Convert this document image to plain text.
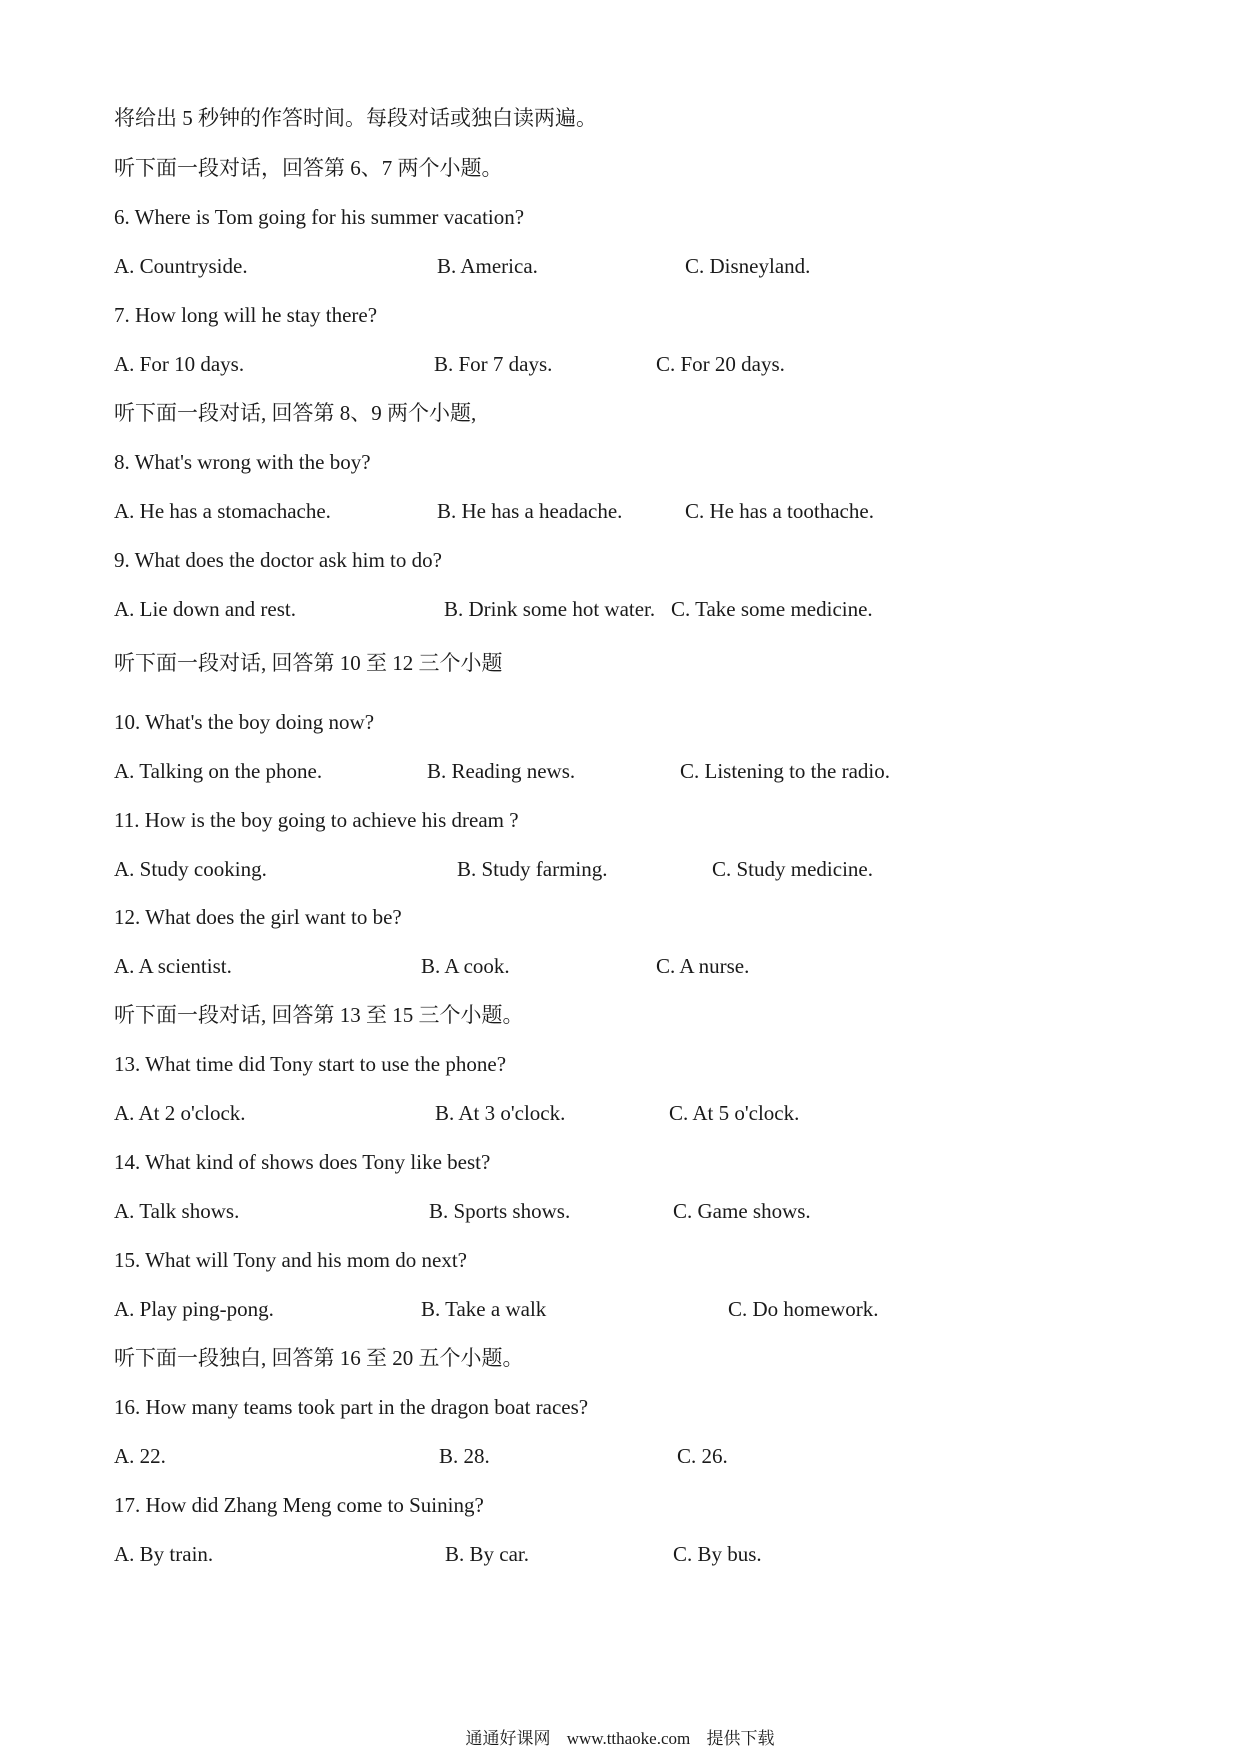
将给出 5 秒钟的作答时间。每段对话或独白读两遍。
听下面一段对话，回答第 6、7 两个小题。
6. Where is Tom going for his summer vacation?
A. Countryside.	B. America.	C. Disneyland.
7. How long will he stay there?
A. For 10 days.	B. For 7 days.	C. For 20 days.
听下面一段对话, 回答第 8、9 两个小题,
8. What's wrong with the boy?
A. He has a stomachache.	B. He has a headache.	C. He has a toothache.
9. What does the doctor ask him to do?
A. Lie down and rest.	B. Drink some hot water. C. Take some medicine.
听下面一段对话, 回答第 10 至 12 三个小题
10. What's the boy doing now?
A. Talking on the phone.	B. Reading news.	C. Listening to the radio.
11. How is the boy going to achieve his dream ?
A. Study cooking.	B. Study farming.	C. Study medicine.
12. What does the girl want to be?
A. A scientist.	B. A cook.	C. A nurse.
听下面一段对话, 回答第 13 至 15 三个小题。
13. What time did Tony start to use the phone?
A. At 2 o'clock.	B. At 3 o'clock.	C. At 5 o'clock.
14. What kind of shows does Tony like best?
A. Talk shows.	B. Sports shows.	C. Game shows.
15. What will Tony and his mom do next?
A. Play ping-pong.	B. Take a walk	C. Do homework.
听下面一段独白, 回答第 16 至 20 五个小题。
16. How many teams took part in the dragon boat races?
A. 22.	B. 28.	C. 26.
17. How did Zhang Meng come to Suining?
A. By train.	B. By car.	C. By bus.
通通好课网 www.tthaoke.com 提供下载
